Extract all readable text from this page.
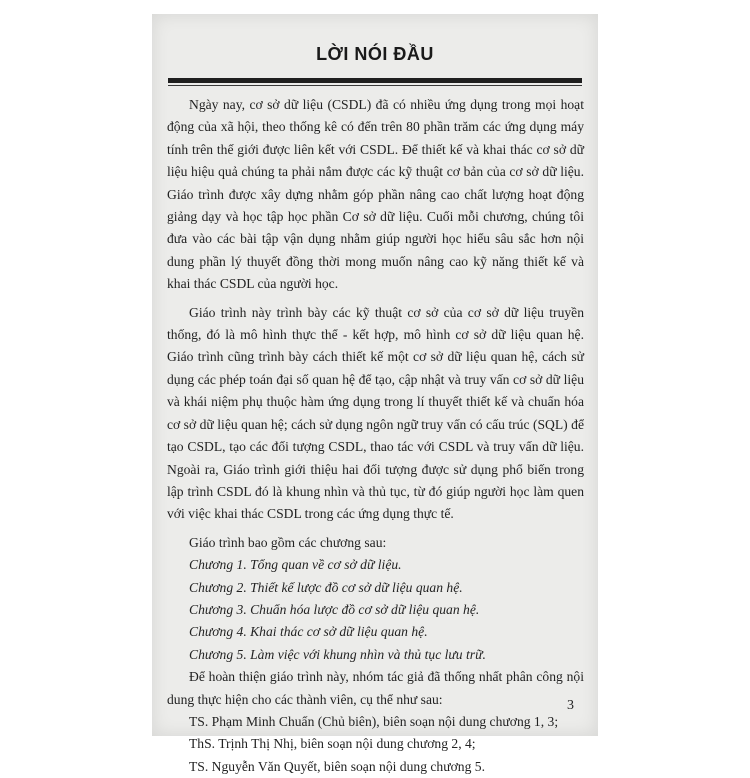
LỜI NÓI ĐẦU

Ngày nay, cơ sở dữ liệu (CSDL) đã có nhiều ứng dụng trong mọi hoạt động của xã hội, theo thống kê có đến trên 80 phần trăm các ứng dụng máy tính trên thế giới được liên kết với CSDL. Để thiết kế và khai thác cơ sở dữ liệu hiệu quả chúng ta phải nắm được các kỹ thuật cơ bản của cơ sở dữ liệu. Giáo trình được xây dựng nhằm góp phần nâng cao chất lượng hoạt động giảng dạy và học tập học phần Cơ sở dữ liệu. Cuối mỗi chương, chúng tôi đưa vào các bài tập vận dụng nhằm giúp người học hiểu sâu sắc hơn nội dung phần lý thuyết đồng thời mong muốn nâng cao kỹ năng thiết kế và khai thác CSDL của người học.

Giáo trình này trình bày các kỹ thuật cơ sở của cơ sở dữ liệu truyền thống, đó là mô hình thực thể - kết hợp, mô hình cơ sở dữ liệu quan hệ. Giáo trình cũng trình bày cách thiết kế một cơ sở dữ liệu quan hệ, cách sử dụng các phép toán đại số quan hệ để tạo, cập nhật và truy vấn cơ sở dữ liệu và khái niệm phụ thuộc hàm ứng dụng trong lí thuyết thiết kế và chuẩn hóa cơ sở dữ liệu quan hệ; cách sử dụng ngôn ngữ truy vấn có cấu trúc (SQL) để tạo CSDL, tạo các đối tượng CSDL, thao tác với CSDL và truy vấn dữ liệu. Ngoài ra, Giáo trình giới thiệu hai đối tượng được sử dụng phổ biến trong lập trình CSDL đó là khung nhìn và thủ tục, từ đó giúp người học làm quen với việc khai thác CSDL trong các ứng dụng thực tế.

Giáo trình bao gồm các chương sau:

Chương 1. Tổng quan về cơ sở dữ liệu.

Chương 2. Thiết kế lược đồ cơ sở dữ liệu quan hệ.

Chương 3. Chuẩn hóa lược đồ cơ sở dữ liệu quan hệ.

Chương 4. Khai thác cơ sở dữ liệu quan hệ.

Chương 5. Làm việc với khung nhìn và thủ tục lưu trữ.

Để hoàn thiện giáo trình này, nhóm tác giả đã thống nhất phân công nội dung thực hiện cho các thành viên, cụ thể như sau:

TS. Phạm Minh Chuẩn (Chủ biên), biên soạn nội dung chương 1, 3;

ThS. Trịnh Thị Nhị, biên soạn nội dung chương 2, 4;

TS. Nguyễn Văn Quyết, biên soạn nội dung chương 5.

3
